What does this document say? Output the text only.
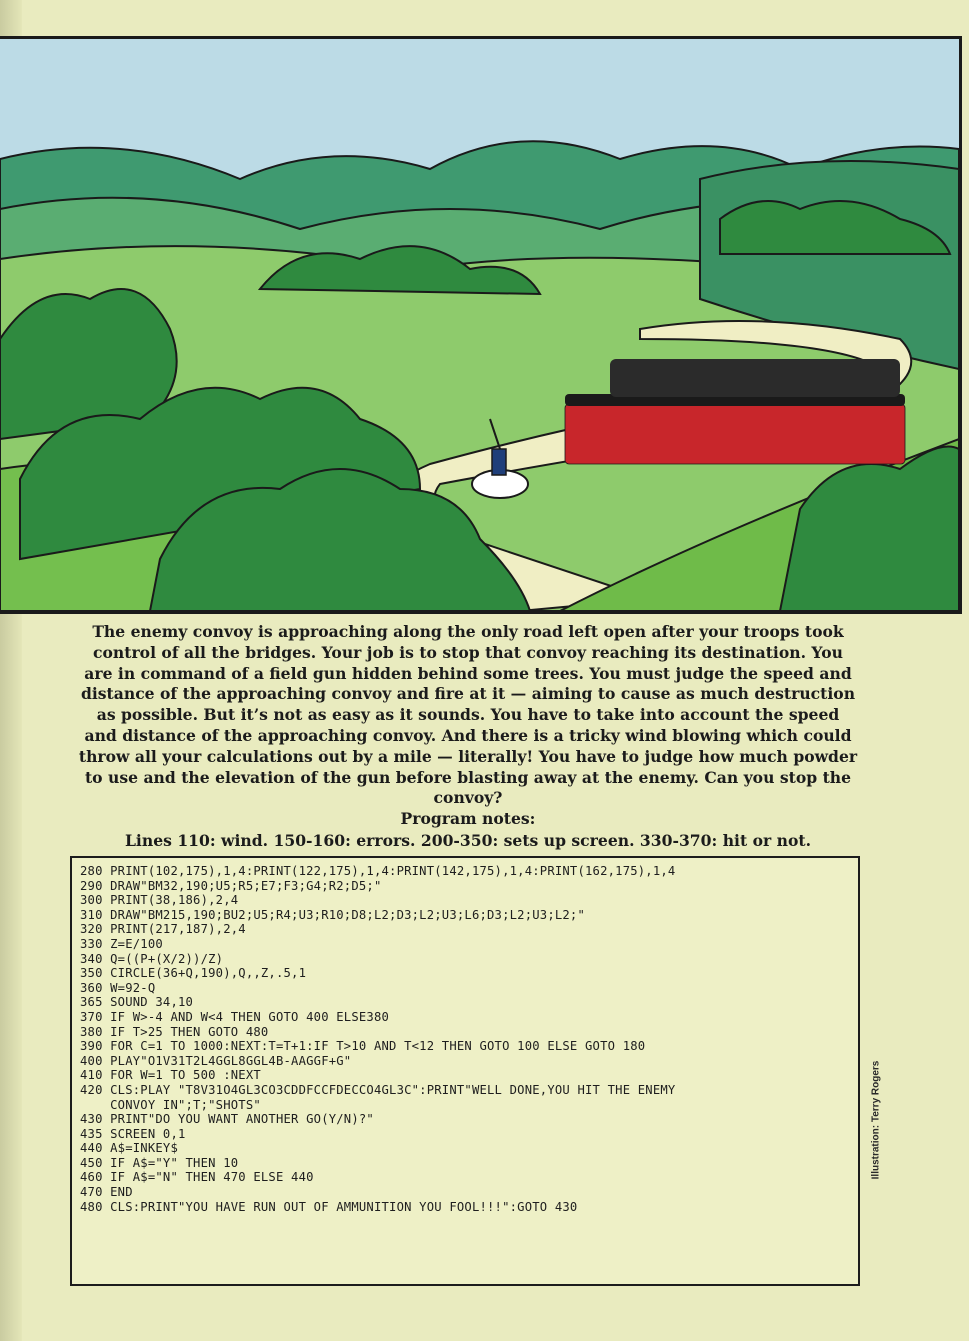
The enemy convoy is approaching along the only road left open after your troops took control of all the bridges. Your job is to stop that convoy reaching its destination. You are in command of a field gun hidden behind some trees. You must judge the speed and distance of the approaching convoy and fire at it — aiming to cause as much destruction as possible. But it’s not as easy as it sounds. You have to take into account the speed and distance of the approaching convoy. And there is a tricky wind blowing which could throw all your calculations out by a mile — literally! You have to judge how much powder to use and the elevation of the gun before blasting away at the enemy. Can you stop the convoy?

Program notes:
Lines 110: wind. 150-160: errors. 200-350: sets up screen. 330-370: hit or not.
280 PRINT(102,175),1,4:PRINT(122,175),1,4:PRINT(142,175),1,4:PRINT(162,175),1,4
290 DRAW"BM32,190;U5;R5;E7;F3;G4;R2;D5;"
300 PRINT(38,186),2,4
310 DRAW"BM215,190;BU2;U5;R4;U3;R10;D8;L2;D3;L2;U3;L6;D3;L2;U3;L2;"
320 PRINT(217,187),2,4
330 Z=E/100
340 Q=((P+(X/2))/Z)
350 CIRCLE(36+Q,190),Q,,Z,.5,1
360 W=92-Q
365 SOUND 34,10
370 IF W>-4 AND W<4 THEN GOTO 400 ELSE380
380 IF T>25 THEN GOTO 480
390 FOR C=1 TO 1000:NEXT:T=T+1:IF T>10 AND T<12 THEN GOTO 100 ELSE GOTO 180
400 PLAY"O1V31T2L4GGL8GGL4B-AAGGF+G"
410 FOR W=1 TO 500 :NEXT
420 CLS:PLAY "T8V31O4GL3CO3CDDFCCFDECCO4GL3C":PRINT"WELL DONE,YOU HIT THE ENEMY
CONVOY IN";T;"SHOTS"
430 PRINT"DO YOU WANT ANOTHER GO(Y/N)?"
435 SCREEN 0,1
440 A$=INKEY$
450 IF A$="Y" THEN 10
460 IF A$="N" THEN 470 ELSE 440
470 END
480 CLS:PRINT"YOU HAVE RUN OUT OF AMMUNITION YOU FOOL!!!":GOTO 430
Illustration: Terry Rogers
